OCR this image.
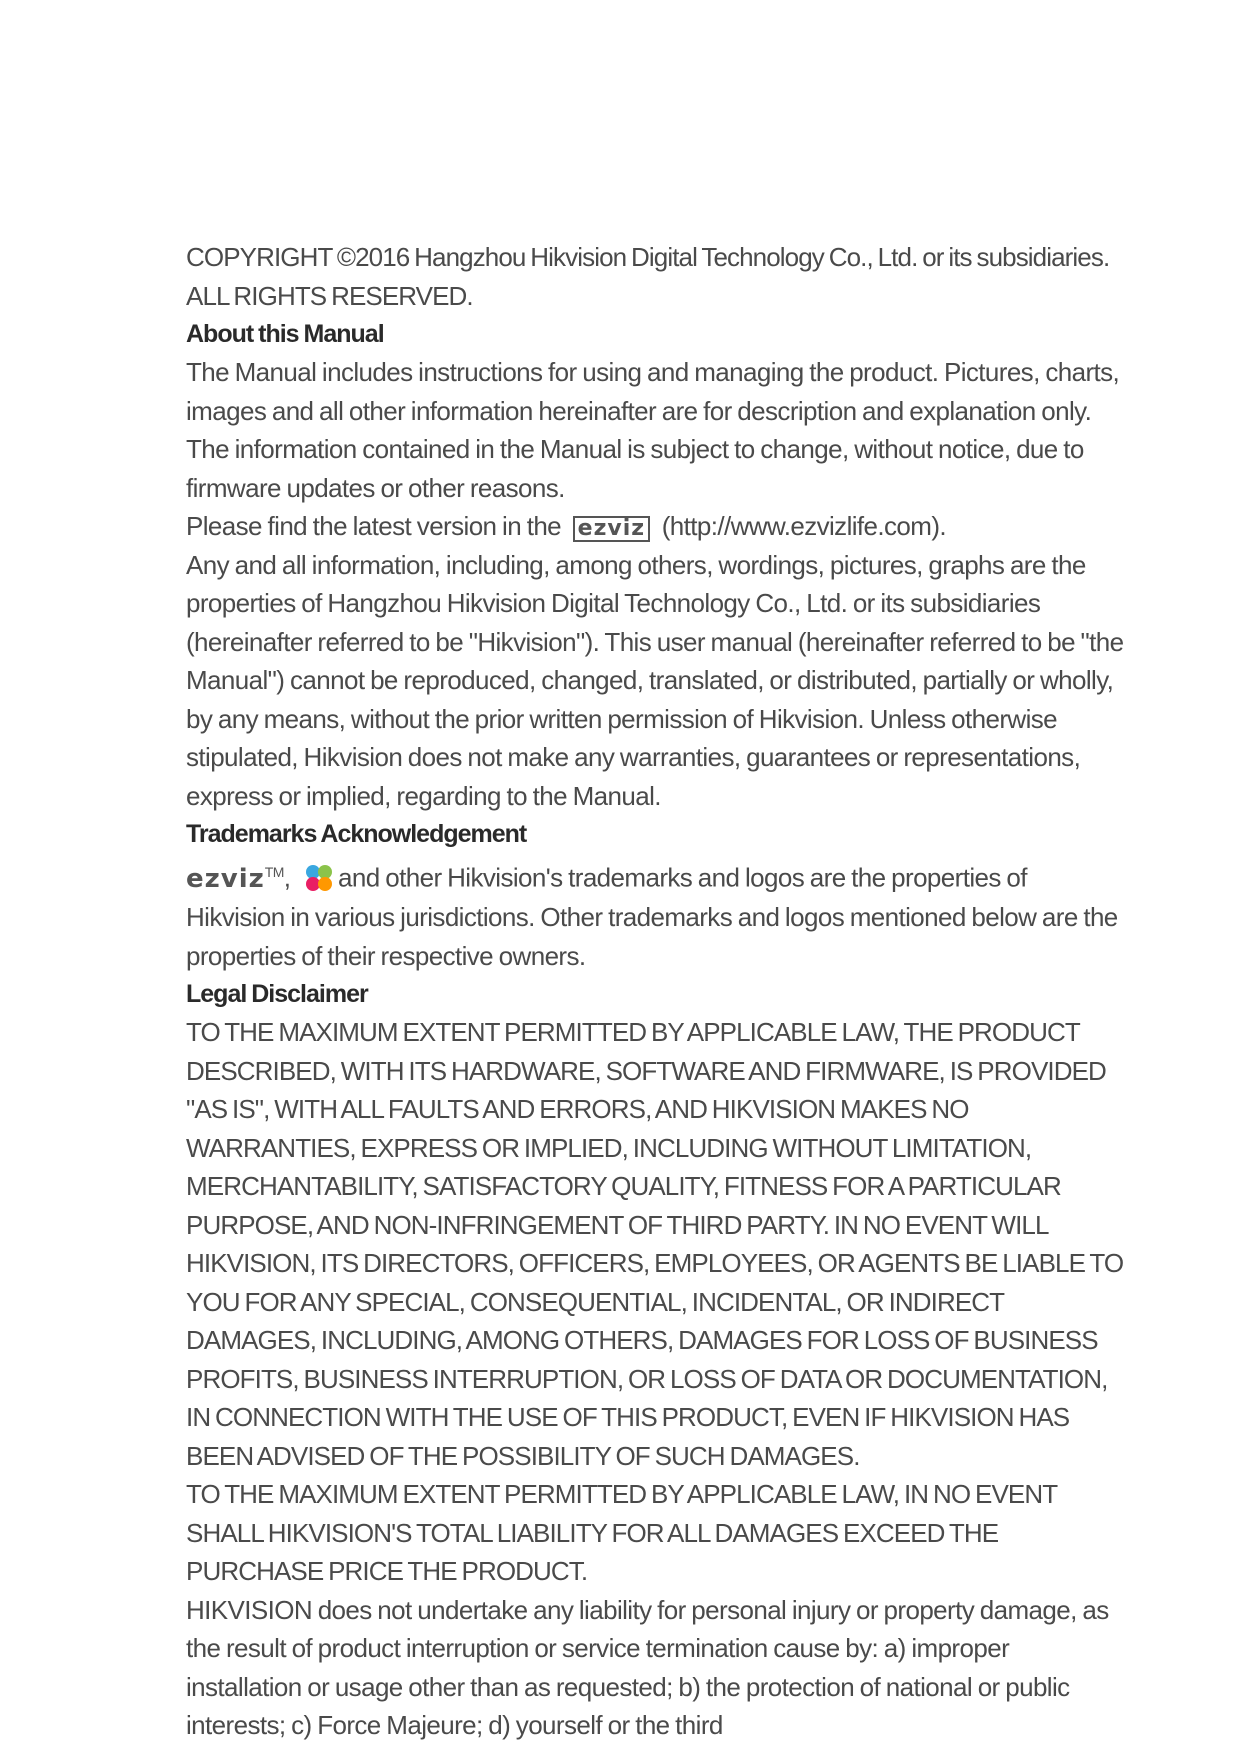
COPYRIGHT ©2016 Hangzhou Hikvision Digital Technology Co., Ltd. or its subsidiaries. ALL RIGHTS RESERVED.

About this Manual

The Manual includes instructions for using and managing the product. Pictures, charts, images and all other information hereinafter are for description and explanation only. The information contained in the Manual is subject to change, without notice, due to firmware updates or other reasons.

Please find the latest version in the ezviz (http://www.ezvizlife.com).

Any and all information, including, among others, wordings, pictures, graphs are the properties of Hangzhou Hikvision Digital Technology Co., Ltd. or its subsidiaries (hereinafter referred to be "Hikvision"). This user manual (hereinafter referred to be "the Manual") cannot be reproduced, changed, translated, or distributed, partially or wholly, by any means, without the prior written permission of Hikvision. Unless otherwise stipulated, Hikvision does not make any warranties, guarantees or representations, express or implied, regarding to the Manual.

Trademarks Acknowledgement

ezviz™, and other Hikvision's trademarks and logos are the properties of Hikvision in various jurisdictions. Other trademarks and logos mentioned below are the properties of their respective owners.

Legal Disclaimer

TO THE MAXIMUM EXTENT PERMITTED BY APPLICABLE LAW, THE PRODUCT DESCRIBED, WITH ITS HARDWARE, SOFTWARE AND FIRMWARE, IS PROVIDED "AS IS", WITH ALL FAULTS AND ERRORS, AND HIKVISION MAKES NO WARRANTIES, EXPRESS OR IMPLIED, INCLUDING WITHOUT LIMITATION, MERCHANTABILITY, SATISFACTORY QUALITY, FITNESS FOR A PARTICULAR PURPOSE, AND NON-INFRINGEMENT OF THIRD PARTY. IN NO EVENT WILL HIKVISION, ITS DIRECTORS, OFFICERS, EMPLOYEES, OR AGENTS BE LIABLE TO YOU FOR ANY SPECIAL, CONSEQUENTIAL, INCIDENTAL, OR INDIRECT DAMAGES, INCLUDING, AMONG OTHERS, DAMAGES FOR LOSS OF BUSINESS PROFITS, BUSINESS INTERRUPTION, OR LOSS OF DATA OR DOCUMENTATION, IN CONNECTION WITH THE USE OF THIS PRODUCT, EVEN IF HIKVISION HAS BEEN ADVISED OF THE POSSIBILITY OF SUCH DAMAGES.

TO THE MAXIMUM EXTENT PERMITTED BY APPLICABLE LAW, IN NO EVENT SHALL HIKVISION'S TOTAL LIABILITY FOR ALL DAMAGES EXCEED THE PURCHASE PRICE THE PRODUCT.

HIKVISION does not undertake any liability for personal injury or property damage, as the result of product interruption or service termination cause by: a) improper installation or usage other than as requested; b) the protection of national or public interests; c) Force Majeure; d) yourself or the third
